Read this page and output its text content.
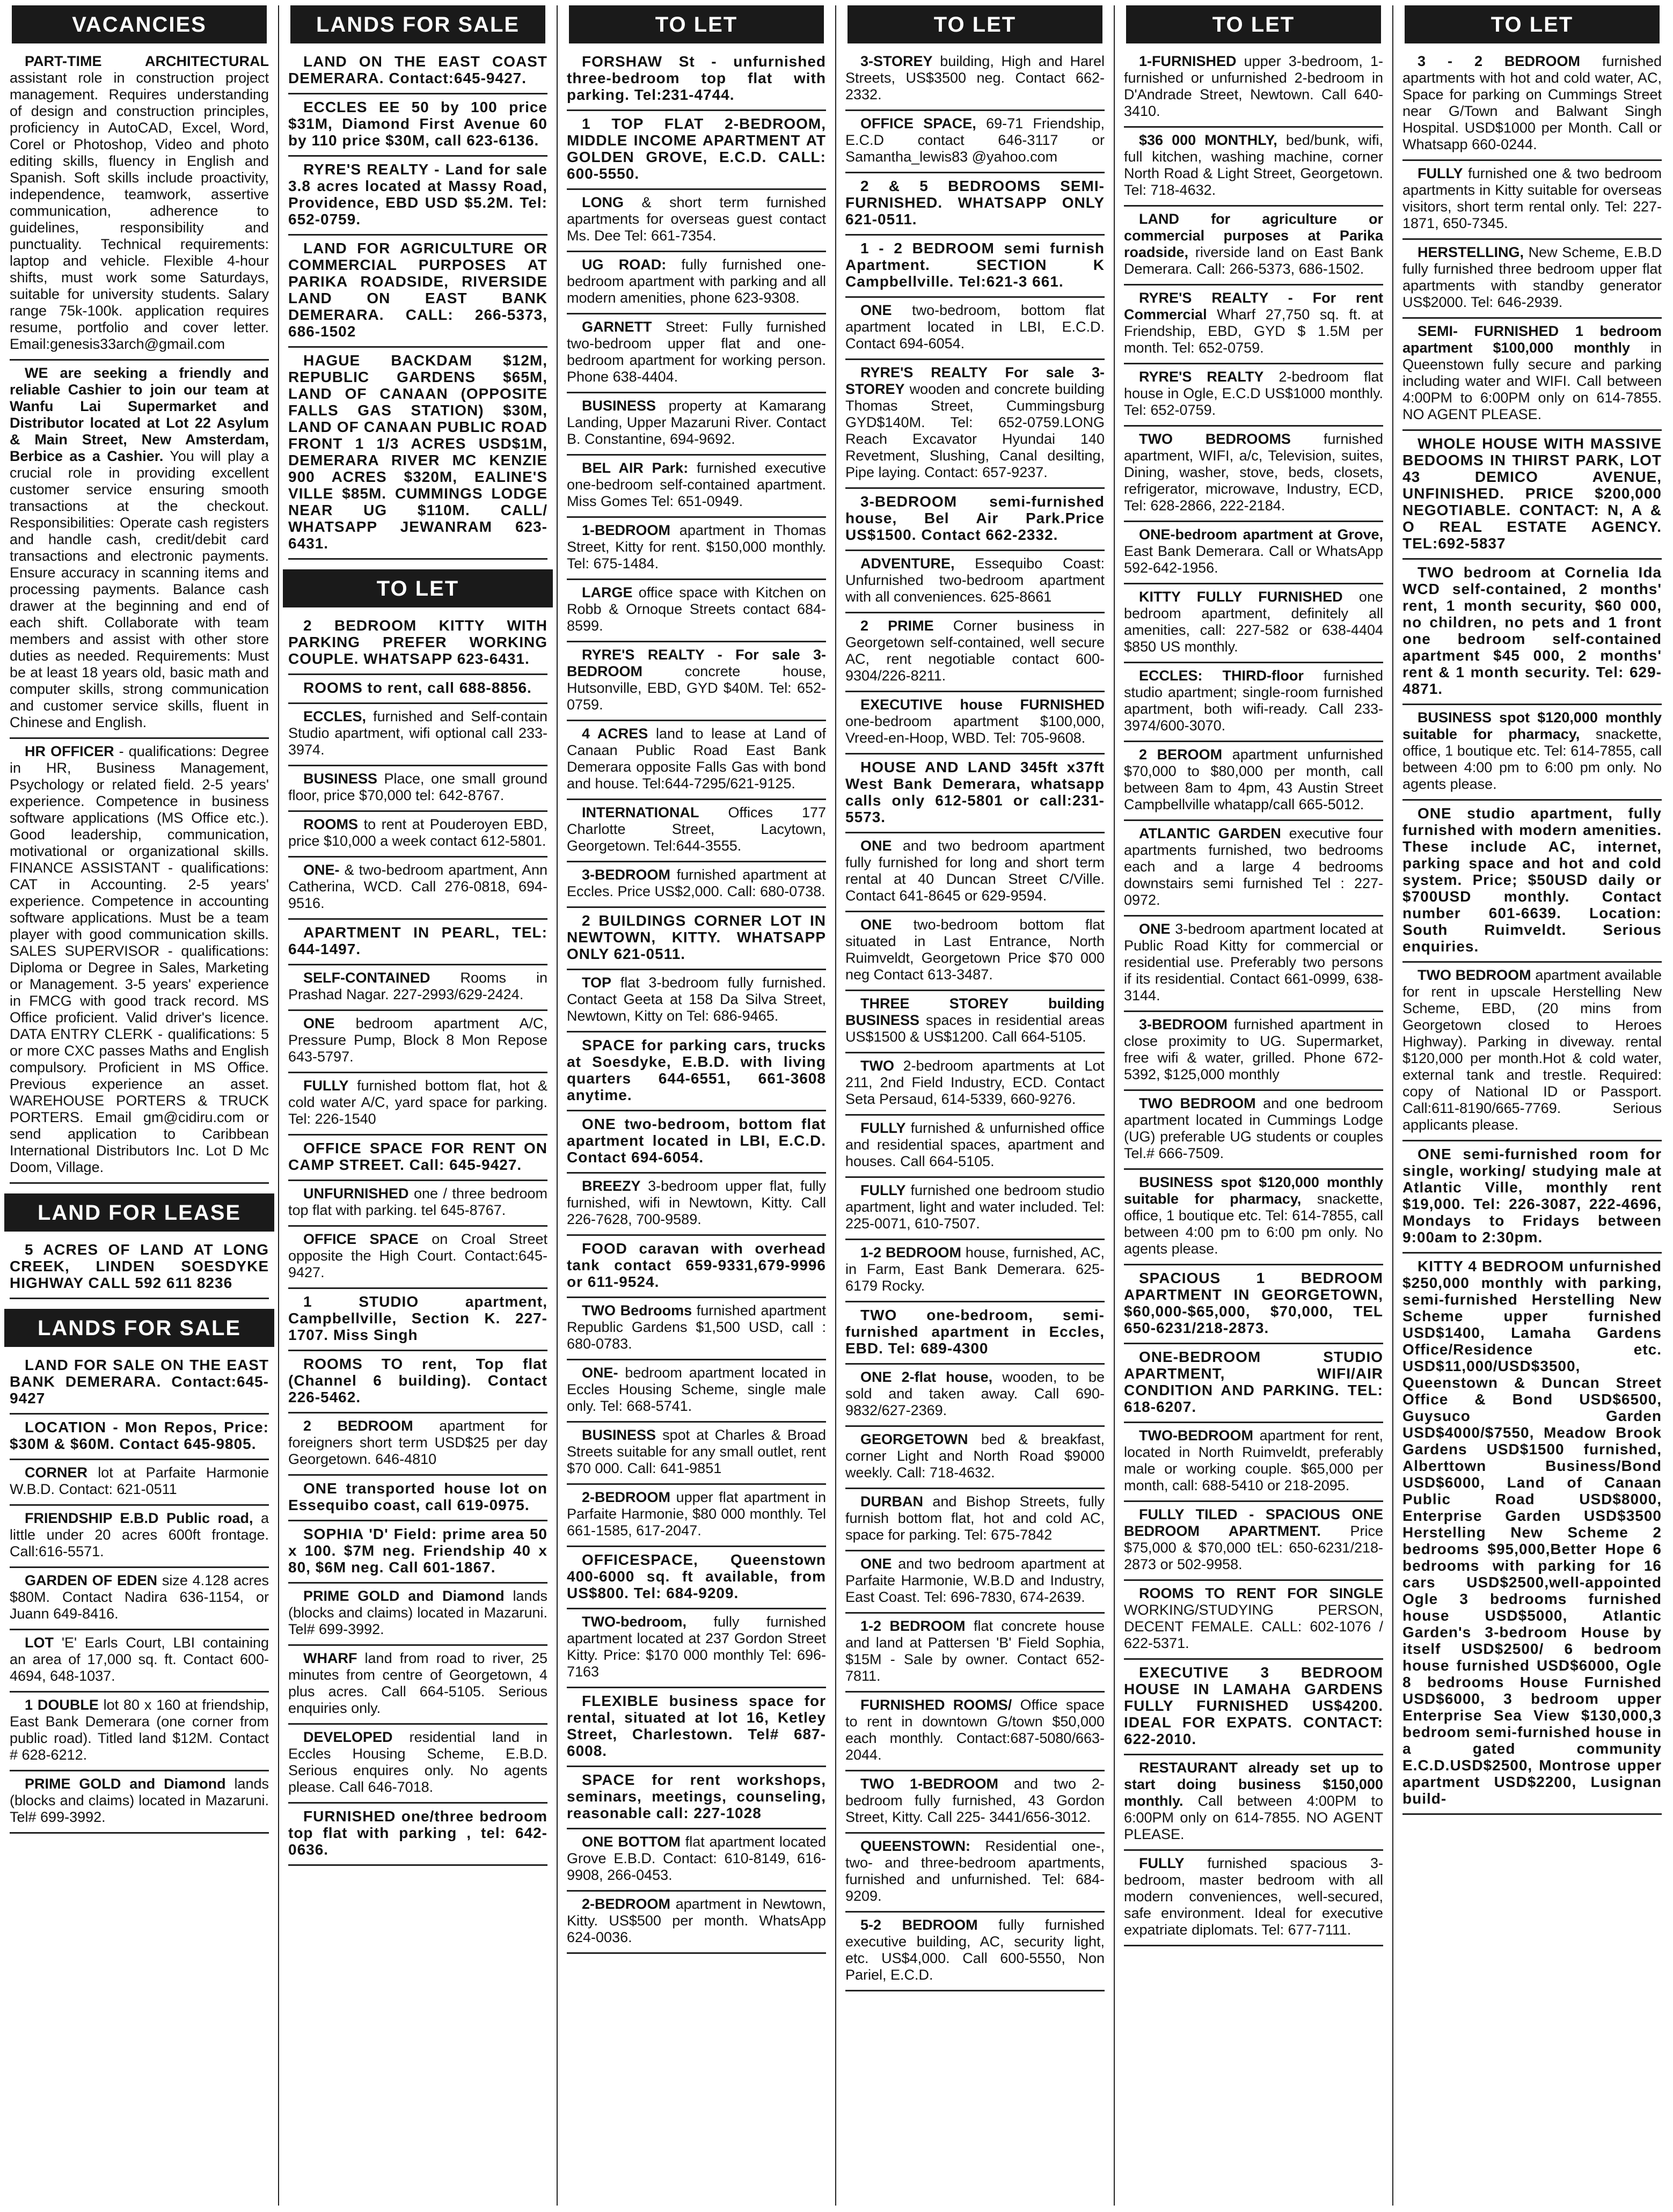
VACANCIES

PART-TIME ARCHITECTURAL assistant role in construction project management. Requires understanding of design and construction principles, proficiency in AutoCAD, Excel, Word, Corel or Photoshop, Video and photo editing skills, fluency in English and Spanish. Soft skills include proactivity, independence, teamwork, assertive communication, adherence to guidelines, responsibility and punctuality. Technical requirements: laptop and vehicle. Flexible 4-hour shifts, must work some Saturdays, suitable for university students. Salary range 75k-100k. application requires resume, portfolio and cover letter. Email:genesis33arch@gmail.com

WE are seeking a friendly and reliable Cashier to join our team at Wanfu Lai Supermarket and Distributor located at Lot 22 Asylum & Main Street, New Amsterdam, Berbice as a Cashier. You will play a crucial role in providing excellent customer service ensuring smooth transactions at the checkout. Responsibilities: Operate cash registers and handle cash, credit/debit card transactions and electronic payments. Ensure accuracy in scanning items and processing payments. Balance cash drawer at the beginning and end of each shift. Collaborate with team members and assist with other store duties as needed. Requirements: Must be at least 18 years old, basic math and computer skills, strong communication and customer service skills, fluent in Chinese and English.

HR OFFICER - qualifications: Degree in HR, Business Management, Psychology or related field. 2-5 years' experience. Competence in business software applications (MS Office etc.). Good leadership, communication, motivational or organizational skills. FINANCE ASSISTANT - qualifications: CAT in Accounting. 2-5 years' experience. Competence in accounting software applications. Must be a team player with good communication skills. SALES SUPERVISOR - qualifications: Diploma or Degree in Sales, Marketing or Management. 3-5 years' experience in FMCG with good track record. MS Office proficient. Valid driver's licence. DATA ENTRY CLERK - qualifications: 5 or more CXC passes Maths and English compulsory. Proficient in MS Office. Previous experience an asset. WAREHOUSE PORTERS & TRUCK PORTERS. Email gm@cidiru.com or send application to Caribbean International Distributors Inc. Lot D Mc Doom, Village.

LAND FOR LEASE

5 ACRES OF LAND AT LONG CREEK, LINDEN SOESDYKE HIGHWAY CALL 592 611 8236

LANDS FOR SALE

LAND FOR SALE ON THE EAST BANK DEMERARA. Contact:645-9427

LOCATION - Mon Repos, Price: $30M & $60M. Contact 645-9805.

CORNER lot at Parfaite Harmonie W.B.D. Contact: 621-0511

FRIENDSHIP E.B.D Public road, a little under 20 acres 600ft frontage. Call:616-5571.

GARDEN OF EDEN size 4.128 acres $80M. Contact Nadira 636-1154, or Juann 649-8416.

LOT 'E' Earls Court, LBI containing an area of 17,000 sq. ft. Contact 600-4694, 648-1037.

1 DOUBLE lot 80 x 160 at friendship, East Bank Demerara (one corner from public road). Titled land $12M. Contact # 628-6212.

PRIME GOLD and Diamond lands (blocks and claims) located in Mazaruni. Tel# 699-3992.

LANDS FOR SALE

LAND ON THE EAST COAST DEMERARA. Contact:645-9427.

ECCLES EE 50 by 100 price $31M, Diamond First Avenue 60 by 110 price $30M, call 623-6136.

RYRE'S REALTY - Land for sale 3.8 acres located at Massy Road, Providence, EBD USD $5.2M. Tel: 652-0759.

LAND FOR AGRICULTURE OR COMMERCIAL PURPOSES AT PARIKA ROADSIDE, RIVERSIDE LAND ON EAST BANK DEMERARA. CALL: 266-5373, 686-1502

HAGUE BACKDAM $12M, REPUBLIC GARDENS $65M, LAND OF CANAAN (OPPOSITE FALLS GAS STATION) $30M, LAND OF CANAAN PUBLIC ROAD FRONT 1 1/3 ACRES USD$1M, DEMERARA RIVER MC KENZIE 900 ACRES $320M, EALINE'S VILLE $85M. CUMMINGS LODGE NEAR UG $110M. CALL/ WHATSAPP JEWANRAM 623-6431.

TO LET

2 BEDROOM KITTY WITH PARKING PREFER WORKING COUPLE. WHATSAPP 623-6431.

ROOMS to rent, call 688-8856.

ECCLES, furnished and Self-contain Studio apartment, wifi optional call 233-3974.

BUSINESS Place, one small ground floor, price $70,000 tel: 642-8767.

ROOMS to rent at Pouderoyen EBD, price $10,000 a week contact 612-5801.

ONE- & two-bedroom apartment, Ann Catherina, WCD. Call 276-0818, 694-9516.

APARTMENT IN PEARL, TEL: 644-1497.

SELF-CONTAINED Rooms in Prashad Nagar. 227-2993/629-2424.

ONE bedroom apartment A/C, Pressure Pump, Block 8 Mon Repose 643-5797.

FULLY furnished bottom flat, hot & cold water A/C, yard space for parking. Tel: 226-1540

OFFICE SPACE FOR RENT ON CAMP STREET. Call: 645-9427.

UNFURNISHED one / three bedroom top flat with parking. tel 645-8767.

OFFICE SPACE on Croal Street opposite the High Court. Contact:645-9427.

1 STUDIO apartment, Campbellville, Section K. 227-1707. Miss Singh

ROOMS TO rent, Top flat (Channel 6 building). Contact 226-5462.

2 BEDROOM apartment for foreigners short term USD$25 per day Georgetown. 646-4810

ONE transported house lot on Essequibo coast, call 619-0975.

SOPHIA 'D' Field: prime area 50 x 100. $7M neg. Friendship 40 x 80, $6M neg. Call 601-1867.

PRIME GOLD and Diamond lands (blocks and claims) located in Mazaruni. Tel# 699-3992.

WHARF land from road to river, 25 minutes from centre of Georgetown, 4 plus acres. Call 664-5105. Serious enquiries only.

DEVELOPED residential land in Eccles Housing Scheme, E.B.D. Serious enquires only. No agents please. Call 646-7018.

FURNISHED one/three bedroom top flat with parking , tel: 642-0636.

TO LET

FORSHAW St - unfurnished three-bedroom top flat with parking. Tel:231-4744.

1 TOP FLAT 2-BEDROOM, MIDDLE INCOME APARTMENT AT GOLDEN GROVE, E.C.D. CALL: 600-5550.

LONG & short term furnished apartments for overseas guest contact Ms. Dee Tel: 661-7354.

UG ROAD: fully furnished one-bedroom apartment with parking and all modern amenities, phone 623-9308.

GARNETT Street: Fully furnished two-bedroom upper flat and one-bedroom apartment for working person. Phone 638-4404.

BUSINESS property at Kamarang Landing, Upper Mazaruni River. Contact B. Constantine, 694-9692.

BEL AIR Park: furnished executive one-bedroom self-contained apartment. Miss Gomes Tel: 651-0949.

1-BEDROOM apartment in Thomas Street, Kitty for rent. $150,000 monthly. Tel: 675-1484.

LARGE office space with Kitchen on Robb & Ornoque Streets contact 684-8599.

RYRE'S REALTY - For sale 3-BEDROOM	concrete house, Hutsonville, EBD, GYD $40M. Tel: 652-0759.

4 ACRES land to lease at Land of Canaan Public Road East Bank Demerara opposite Falls Gas with bond and house. Tel:644-7295/621-9125.

INTERNATIONAL Offices 177 Charlotte Street, Lacytown, Georgetown. Tel:644-3555.

3-BEDROOM furnished apartment at Eccles. Price US$2,000. Call: 680-0738.

2 BUILDINGS CORNER LOT IN NEWTOWN, KITTY. WHATSAPP ONLY 621-0511.

TOP flat 3-bedroom fully furnished. Contact Geeta at 158 Da Silva Street, Newtown, Kitty on Tel: 686-9465.

SPACE for parking cars, trucks at Soesdyke, E.B.D. with living quarters 644-6551, 661-3608 anytime.

ONE two-bedroom, bottom flat apartment located in LBI, E.C.D. Contact 694-6054.

BREEZY 3-bedroom upper flat, fully furnished, wifi in Newtown, Kitty. Call 226-7628, 700-9589.

FOOD caravan with overhead tank contact 659-9331,679-9996 or 611-9524.

TWO Bedrooms furnished apartment Republic Gardens $1,500 USD, call : 680-0783.

ONE- bedroom apartment located in Eccles Housing Scheme, single male only. Tel: 668-5741.

BUSINESS spot at Charles & Broad Streets suitable for any small outlet, rent $70 000. Call: 641-9851

2-BEDROOM upper flat apartment in Parfaite Harmonie, $80 000 monthly. Tel 661-1585, 617-2047.

OFFICESPACE, Queenstown 400-6000 sq. ft available, from US$800. Tel: 684-9209.

TWO-bedroom, fully furnished apartment located at 237 Gordon Street Kitty. Price: $170 000 monthly Tel: 696-7163

FLEXIBLE business space for rental, situated at lot 16, Ketley Street, Charlestown. Tel# 687-6008.

SPACE for rent workshops, seminars, meetings, counseling, reasonable call: 227-1028

ONE BOTTOM flat apartment located Grove E.B.D. Contact: 610-8149, 616-9908, 266-0453.

2-BEDROOM apartment in Newtown, Kitty. US$500 per month. WhatsApp 624-0036.

TO LET

3-STOREY building, High and Harel Streets, US$3500 neg. Contact 662-2332.

OFFICE SPACE, 69-71 Friendship, E.C.D contact 646-3117 or Samantha_lewis83 @yahoo.com

2 & 5 BEDROOMS SEMI-FURNISHED. WHATSAPP ONLY 621-0511.

1 - 2 BEDROOM semi furnish Apartment. SECTION K Campbellville. Tel:621-3 661.

ONE two-bedroom, bottom flat apartment located in LBI, E.C.D. Contact 694-6054.

RYRE'S REALTY For sale 3-STOREY wooden and concrete building Thomas Street, Cummingsburg GYD$140M. Tel: 652-0759.LONG Reach Excavator Hyundai 140 Revetment, Slushing, Canal desilting, Pipe laying. Contact: 657-9237.

3-BEDROOM semi-furnished house, Bel Air Park.Price US$1500. Contact 662-2332.

ADVENTURE, Essequibo Coast: Unfurnished two-bedroom apartment with all conveniences. 625-8661

2 PRIME Corner business in Georgetown self-contained, well secure AC, rent negotiable contact 600-9304/226-8211.

EXECUTIVE house FURNISHED one-bedroom apartment $100,000, Vreed-en-Hoop, WBD. Tel: 705-9608.

HOUSE AND LAND 345ft x37ft West Bank Demerara, whatsapp calls only 612-5801 or call:231-5573.

ONE and two bedroom apartment fully furnished for long and short term rental at 40 Duncan Street C/Ville. Contact 641-8645 or 629-9594.

ONE two-bedroom bottom flat situated in Last Entrance, North Ruimveldt, Georgetown Price $70 000 neg Contact 613-3487.

THREE STOREY building BUSINESS spaces in residential areas US$1500 & US$1200. Call 664-5105.

TWO 2-bedroom apartments at Lot 211, 2nd Field Industry, ECD. Contact Seta Persaud, 614-5339, 660-9276.

FULLY furnished & unfurnished office and residential spaces, apartment and houses. Call 664-5105.

FULLY furnished one bedroom studio apartment, light and water included. Tel: 225-0071, 610-7507.

1-2 BEDROOM house, furnished, AC, in Farm, East Bank Demerara. 625-6179 Rocky.

TWO one-bedroom, semi-furnished apartment in Eccles, EBD. Tel: 689-4300

ONE 2-flat house, wooden, to be sold and taken away. Call 690-9832/627-2369.

GEORGETOWN bed & breakfast, corner Light and North Road $9000 weekly. Call: 718-4632.

DURBAN and Bishop Streets, fully furnish bottom flat, hot and cold AC, space for parking. Tel: 675-7842

ONE and two bedroom apartment at Parfaite Harmonie, W.B.D and Industry, East Coast. Tel: 696-7830, 674-2639.

1-2 BEDROOM flat concrete house and land at Pattersen 'B' Field Sophia, $15M - Sale by owner. Contact 652-7811.

FURNISHED ROOMS/ Office space to rent in downtown G/town $50,000 each monthly. Contact:687-5080/663-2044.

TWO 1-BEDROOM and two 2-bedroom fully furnished, 43 Gordon Street, Kitty. Call 225- 3441/656-3012.

QUEENSTOWN: Residential one-, two- and three-bedroom apartments, furnished and unfurnished. Tel: 684-9209.

5-2 BEDROOM fully furnished executive building, AC, security light, etc. US$4,000. Call 600-5550, Non Pariel, E.C.D.

TO LET

1-FURNISHED upper 3-bedroom, 1-furnished or unfurnished 2-bedroom in D'Andrade Street, Newtown. Call 640-3410.

$36 000 MONTHLY, bed/bunk, wifi, full kitchen, washing machine, corner North Road & Light Street, Georgetown. Tel: 718-4632.

LAND for agriculture or commercial purposes at Parika roadside, riverside land on East Bank Demerara. Call: 266-5373, 686-1502.

RYRE'S REALTY - For rent Commercial Wharf 27,750 sq. ft. at Friendship, EBD, GYD $ 1.5M per month. Tel: 652-0759.

RYRE'S REALTY 2-bedroom flat house in Ogle, E.C.D US$1000 monthly. Tel: 652-0759.

TWO BEDROOMS furnished apartment, WIFI, a/c, Television, suites, Dining, washer, stove, beds, closets, refrigerator, microwave, Industry, ECD, Tel: 628-2866, 222-2184.

ONE-bedroom apartment at Grove, East Bank Demerara. Call or WhatsApp 592-642-1956.

KITTY FULLY FURNISHED one bedroom apartment, definitely all amenities, call: 227-582 or 638-4404 $850 US monthly.

ECCLES: THIRD-floor furnished studio apartment; single-room furnished apartment, both wifi-ready. Call 233-3974/600-3070.

2 BEROOM apartment unfurnished $70,000 to $80,000 per month, call between 8am to 4pm, 43 Austin Street Campbellville whatapp/call 665-5012.

ATLANTIC GARDEN executive four apartments furnished, two bedrooms each and a large 4 bedrooms downstairs semi furnished Tel : 227-0972.

ONE 3-bedroom apartment located at Public Road Kitty for commercial or residential use. Preferably two persons if its residential. Contact 661-0999, 638-3144.

3-BEDROOM furnished apartment in close proximity to UG. Supermarket, free wifi & water, grilled. Phone 672-5392, $125,000 monthly

TWO BEDROOM and one bedroom apartment located in Cummings Lodge (UG) preferable UG students or couples Tel.# 666-7509.

BUSINESS spot $120,000 monthly suitable for pharmacy, snackette, office, 1 boutique etc. Tel: 614-7855, call between 4:00 pm to 6:00 pm only. No agents please.

SPACIOUS 1 BEDROOM APARTMENT IN GEORGETOWN, $60,000-$65,000, $70,000, TEL 650-6231/218-2873.

ONE-BEDROOM STUDIO APARTMENT, WIFI/AIR CONDITION AND PARKING. TEL: 618-6207.

TWO-BEDROOM apartment for rent, located in North Ruimveldt, preferably male or working couple. $65,000 per month, call: 688-5410 or 218-2095.

FULLY TILED - SPACIOUS ONE BEDROOM APARTMENT. Price $75,000 & $70,000 tEL: 650-6231/218-2873 or 502-9958.

ROOMS TO RENT FOR SINGLE WORKING/STUDYING PERSON, DECENT FEMALE. CALL: 602-1076 / 622-5371.

EXECUTIVE 3 BEDROOM HOUSE IN LAMAHA GARDENS FULLY FURNISHED US$4200. IDEAL FOR EXPATS. CONTACT: 622-2010.

RESTAURANT already set up to start doing business $150,000 monthly. Call between 4:00PM to 6:00PM only on 614-7855. NO AGENT PLEASE.

FULLY furnished spacious 3-bedroom, master bedroom with all modern conveniences, well-secured, safe environment. Ideal for executive expatriate diplomats. Tel: 677-7111.

TO LET

3 - 2 BEDROOM furnished apartments with hot and cold water, AC, Space for parking on Cummings Street near G/Town and Balwant Singh Hospital. USD$1000 per Month. Call or Whatsapp 660-0244.

FULLY furnished one & two bedroom apartments in Kitty suitable for overseas visitors, short term rental only. Tel: 227-1871, 650-7345.

HERSTELLING, New Scheme, E.B.D fully furnished three bedroom upper flat apartments with standby generator US$2000. Tel: 646-2939.

SEMI- FURNISHED 1 bedroom apartment $100,000 monthly in Queenstown fully secure and parking including water and WIFI. Call between 4:00PM to 6:00PM only on 614-7855. NO AGENT PLEASE.

WHOLE HOUSE WITH MASSIVE BEDOOMS IN THIRST PARK, LOT 43 DEMICO AVENUE, UNFINISHED. PRICE $200,000 NEGOTIABLE. CONTACT: N, A & O REAL ESTATE AGENCY. TEL:692-5837

TWO bedroom at Cornelia Ida WCD self-contained, 2 months' rent, 1 month security, $60 000, no children, no pets and 1 front one bedroom self-contained apartment $45 000, 2 months' rent & 1 month security. Tel: 629-4871.

BUSINESS spot $120,000 monthly suitable for pharmacy, snackette, office, 1 boutique etc. Tel: 614-7855, call between 4:00 pm to 6:00 pm only. No agents please.

ONE studio apartment, fully furnished with modern amenities. These include AC, internet, parking space and hot and cold system. Price; $50USD daily or $700USD monthly. Contact number 601-6639. Location: South Ruimveldt. Serious enquiries.

TWO BEDROOM apartment available for rent in upscale Herstelling New Scheme, EBD, (20 mins from Georgetown closed to Heroes Highway). Parking in diveway. rental $120,000 per month.Hot & cold water, external tank and trestle. Required: copy of National ID or Passport. Call:611-8190/665-7769. Serious applicants please.

ONE semi-furnished room for single, working/ studying male at Atlantic Ville, monthly rent $19,000. Tel: 226-3087, 222-4696, Mondays to Fridays between 9:00am to 2:30pm.

KITTY 4 BEDROOM unfurnished $250,000 monthly with parking, semi-furnished Herstelling New Scheme upper furnished USD$1400, Lamaha Gardens Office/Residence etc. USD$11,000/USD$3500, Queenstown & Duncan Street Office & Bond USD$6500, Guysuco Garden USD$4000/$7550, Meadow Brook Gardens USD$1500 furnished, Alberttown Business/Bond USD$6000, Land of Canaan Public Road USD$8000, Enterprise Garden USD$3500 Herstelling New Scheme 2 bedrooms $95,000,Better Hope 6 bedrooms with parking for 16 cars USD$2500,well-appointed Ogle 3 bedrooms furnished house USD$5000, Atlantic Garden's 3-bedroom House by itself USD$2500/ 6 bedroom house furnished USD$6000, Ogle 8 bedrooms House Furnished USD$6000, 3 bedroom upper Enterprise Sea View $130,000,3 bedroom semi-furnished house in a gated community E.C.D.USD$2500, Montrose upper apartment USD$2200, Lusignan build-
